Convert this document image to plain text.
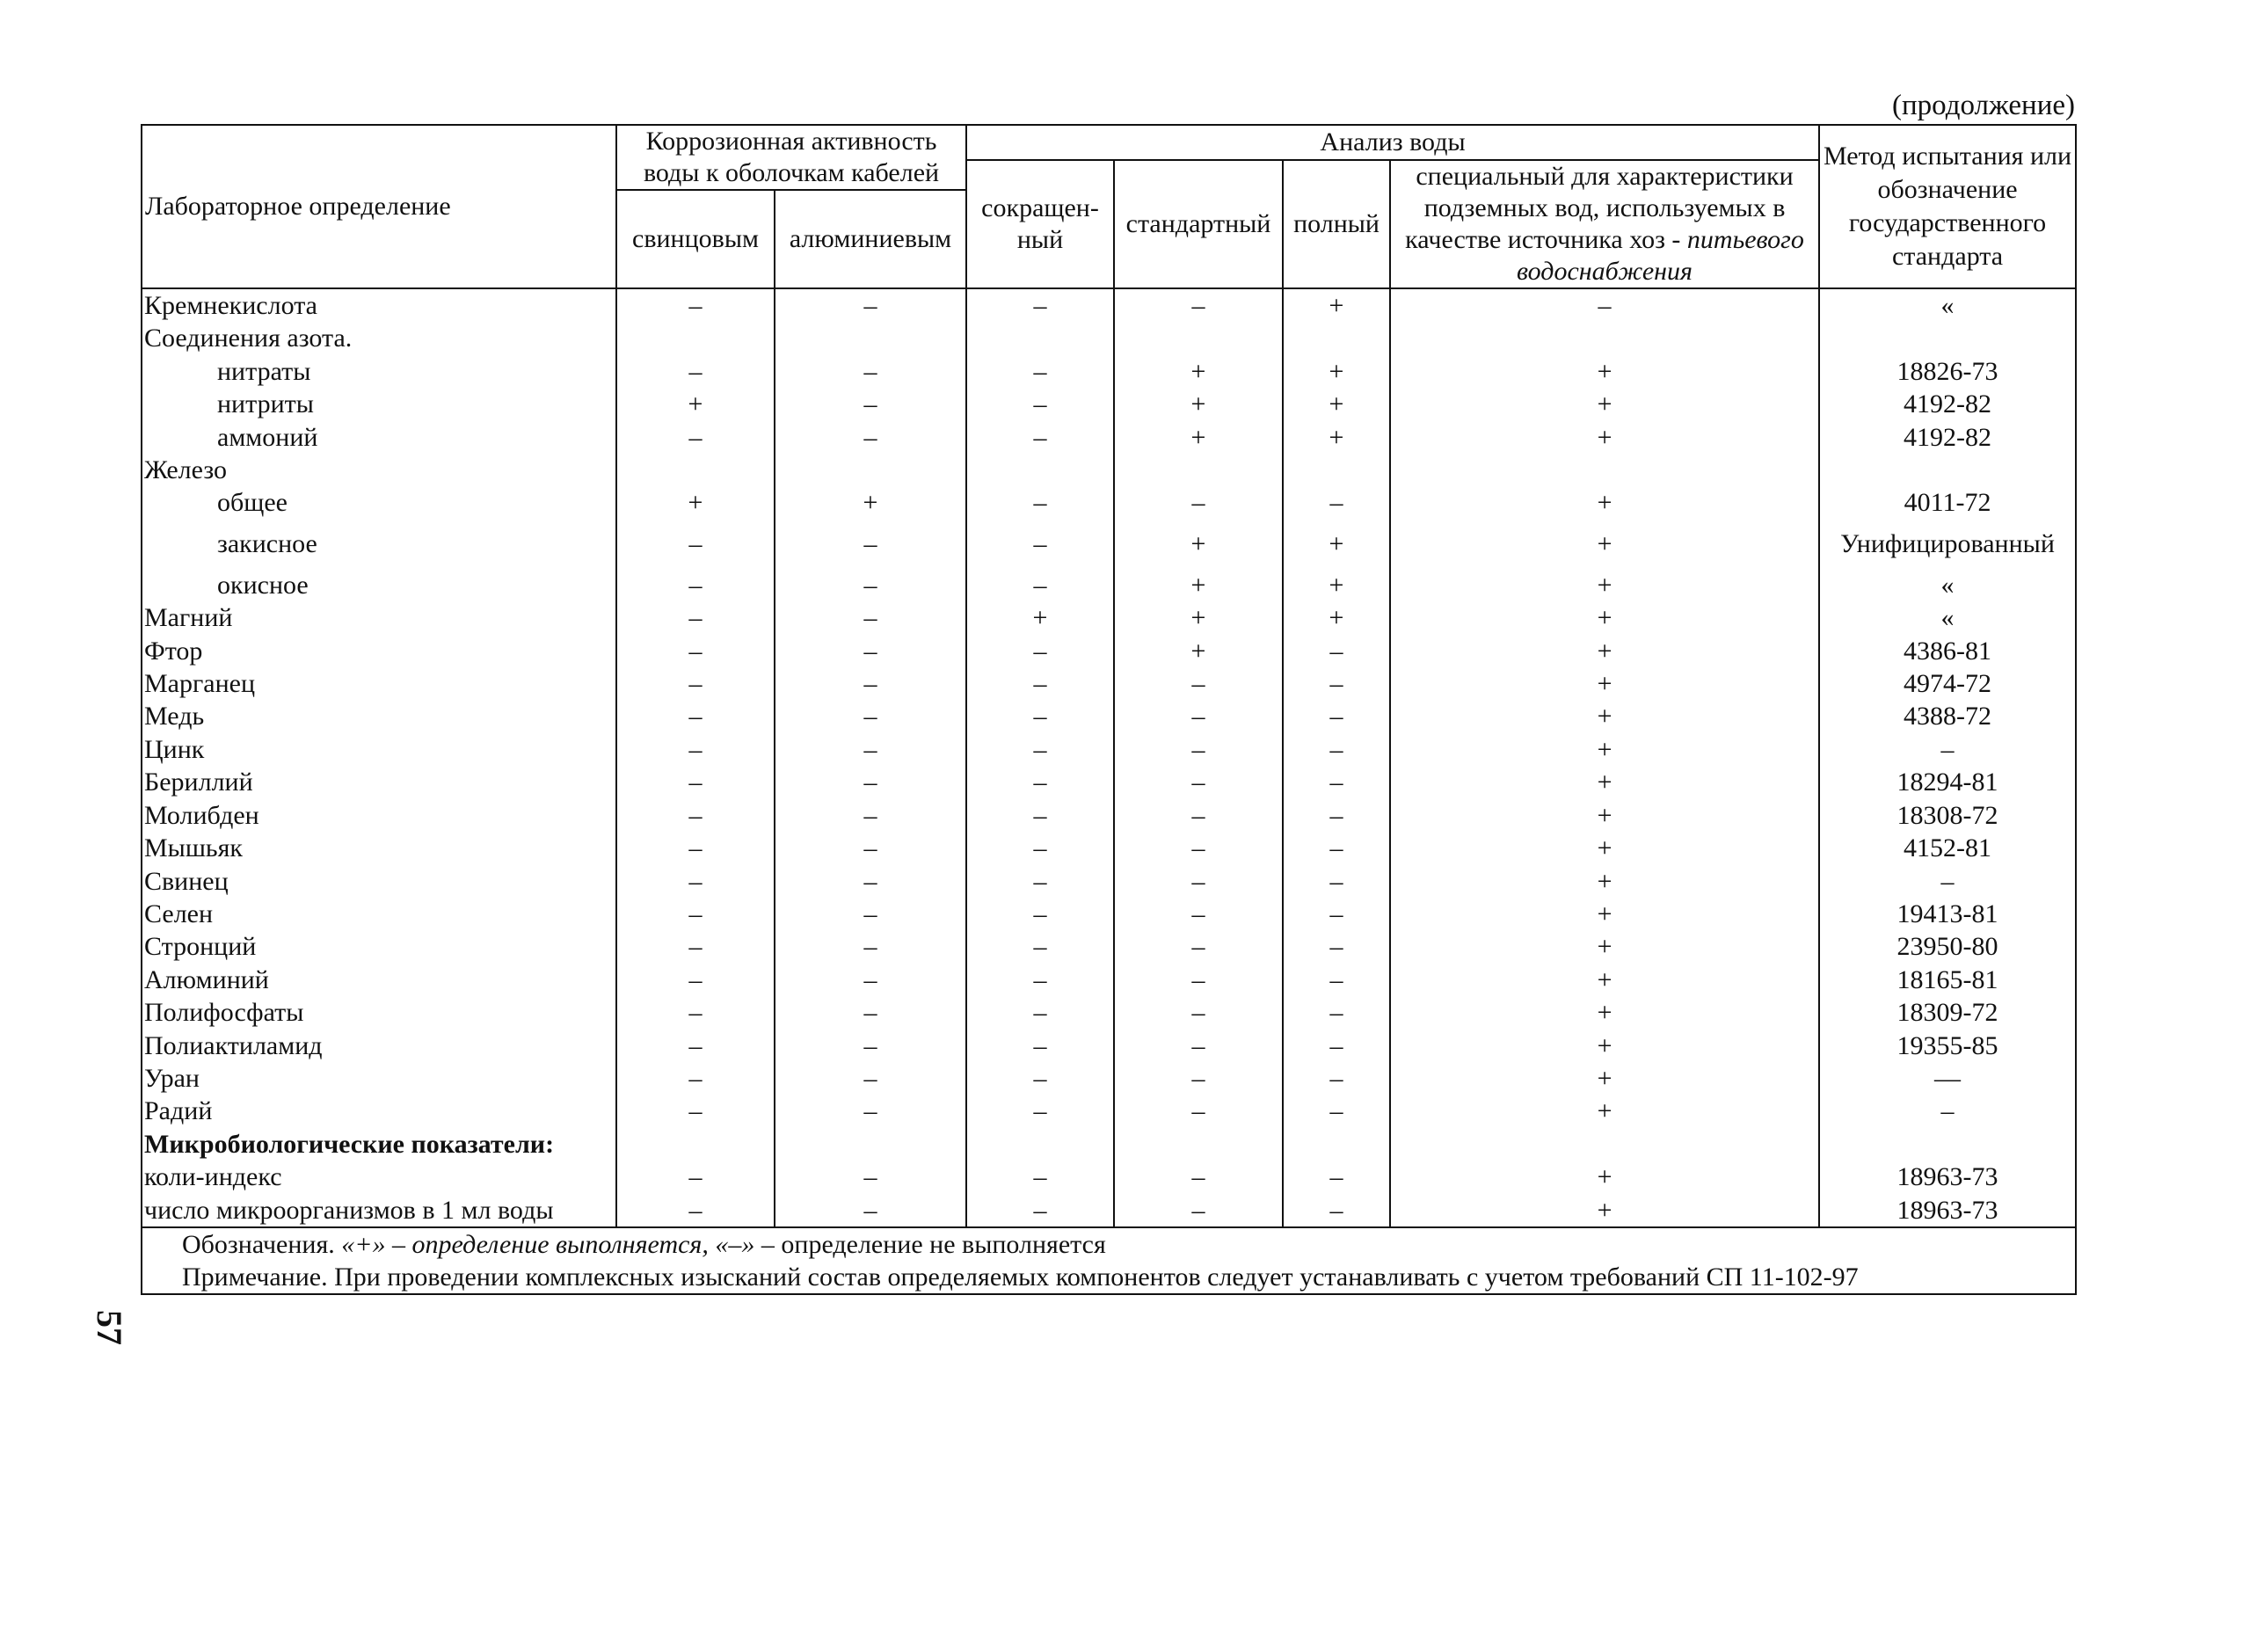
(продолжение)
57
Лабораторное определение	Коррозионная активность воды к оболочкам кабелей		Анализ воды				Метод испытания или обозначение государственного стандарта
			сокращен-ный	стандартный	полный	специальный для характеристики подземных вод, используемых в качестве источника хоз - питьевого водоснабжения	
	свинцовым	алюминиевым					
Кремнекислота	–	–	–	–	+	–	«
Соединения азота.							
нитраты	–	–	–	+	+	+	18826-73
нитриты	+	–	–	+	+	+	4192-82
аммоний	–	–	–	+	+	+	4192-82
Железо							
общее	+	+	–	–	–	+	4011-72
закисное	–	–	–	+	+	+	Унифицированный
окисное	–	–	–	+	+	+	«
Магний	–	–	+	+	+	+	«
Фтор	–	–	–	+	–	+	4386-81
Марганец	–	–	–	–	–	+	4974-72
Медь	–	–	–	–	–	+	4388-72
Цинк	–	–	–	–	–	+	–
Бериллий	–	–	–	–	–	+	18294-81
Молибден	–	–	–	–	–	+	18308-72
Мышьяк	–	–	–	–	–	+	4152-81
Свинец	–	–	–	–	–	+	–
Селен	–	–	–	–	–	+	19413-81
Стронций	–	–	–	–	–	+	23950-80
Алюминий	–	–	–	–	–	+	18165-81
Полифосфаты	–	–	–	–	–	+	18309-72
Полиактиламид	–	–	–	–	–	+	19355-85
Уран	–	–	–	–	–	+	—
Радий	–	–	–	–	–	+	–
Микробиологические показатели:							
коли-индекс	–	–	–	–	–	+	18963-73
число микроорганизмов в 1 мл воды	–	–	–	–	–	+	18963-73
Обозначения. «+» – определение выполняется, «–» – определение не выполняется							
Примечание. При проведении комплексных изысканий состав определяемых компонентов следует устанавливать с учетом требований СП 11-102-97							
